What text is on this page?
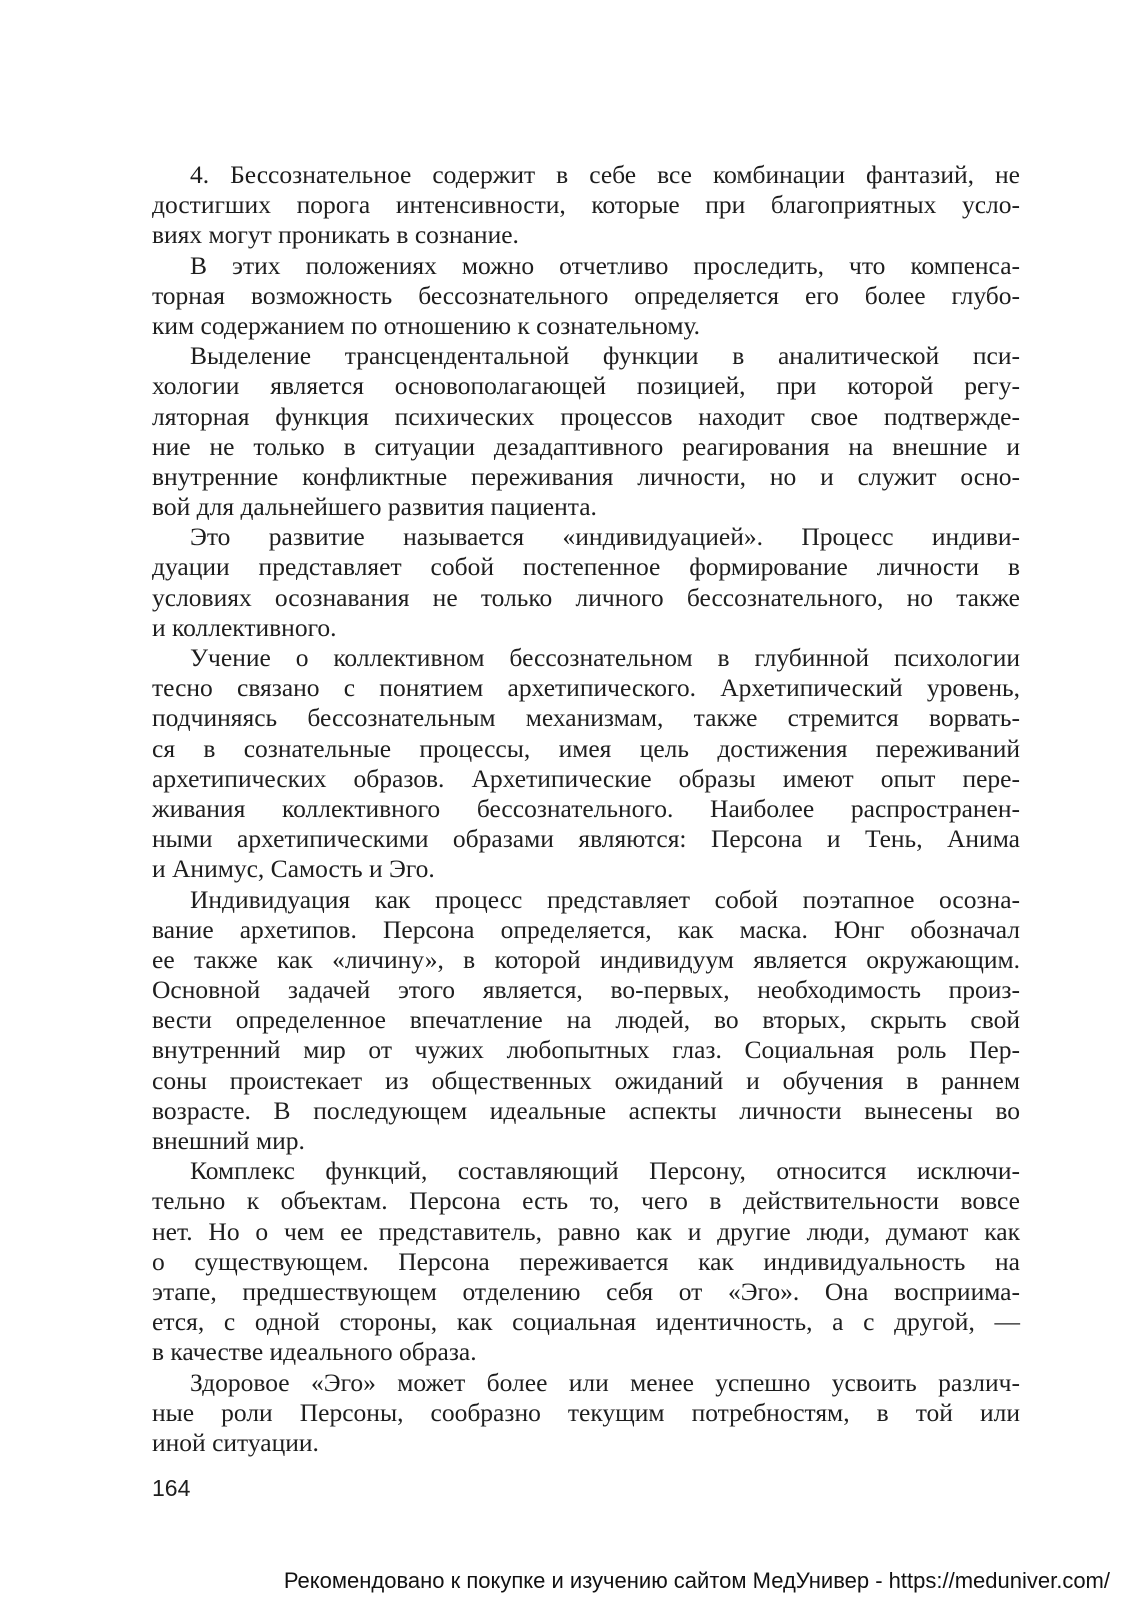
4. Бессознательное содержит в себе все комбинации фантазий, не
достигших порога интенсивности, которые при благоприятных усло-
виях могут проникать в сознание.
В этих положениях можно отчетливо проследить, что компенса-
торная возможность бессознательного определяется его более глубо-
ким содержанием по отношению к сознательному.
Выделение трансцендентальной функции в аналитической пси-
хологии является основополагающей позицией, при которой регу-
ляторная функция психических процессов находит свое подтвержде-
ние не только в ситуации дезадаптивного реагирования на внешние и
внутренние конфликтные переживания личности, но и служит осно-
вой для дальнейшего развития пациента.
Это развитие называется «индивидуацией». Процесс индиви-
дуации представляет собой постепенное формирование личности в
условиях осознавания не только личного бессознательного, но также
и коллективного.
Учение о коллективном бессознательном в глубинной психологии
тесно связано с понятием архетипического. Архетипический уровень,
подчиняясь бессознательным механизмам, также стремится ворвать-
ся в сознательные процессы, имея цель достижения переживаний
архетипических образов. Архетипические образы имеют опыт пере-
живания коллективного бессознательного. Наиболее распространен-
ными архетипическими образами являются: Персона и Тень, Анима
и Анимус, Самость и Эго.
Индивидуация как процесс представляет собой поэтапное осозна-
вание архетипов. Персона определяется, как маска. Юнг обозначал
ее также как «личину», в которой индивидуум является окружающим.
Основной задачей этого является, во-первых, необходимость произ-
вести определенное впечатление на людей, во вторых, скрыть свой
внутренний мир от чужих любопытных глаз. Социальная роль Пер-
соны проистекает из общественных ожиданий и обучения в раннем
возрасте. В последующем идеальные аспекты личности вынесены во
внешний мир.
Комплекс функций, составляющий Персону, относится исключи-
тельно к объектам. Персона есть то, чего в действительности вовсе
нет. Но о чем ее представитель, равно как и другие люди, думают как
о существующем. Персона переживается как индивидуальность на
этапе, предшествующем отделению себя от «Эго». Она восприима-
ется, с одной стороны, как социальная идентичность, а с другой, —
в качестве идеального образа.
Здоровое «Эго» может более или менее успешно усвоить различ-
ные роли Персоны, сообразно текущим потребностям, в той или
иной ситуации.
164
Рекомендовано к покупке и изучению сайтом МедУнивер - https://meduniver.com/
